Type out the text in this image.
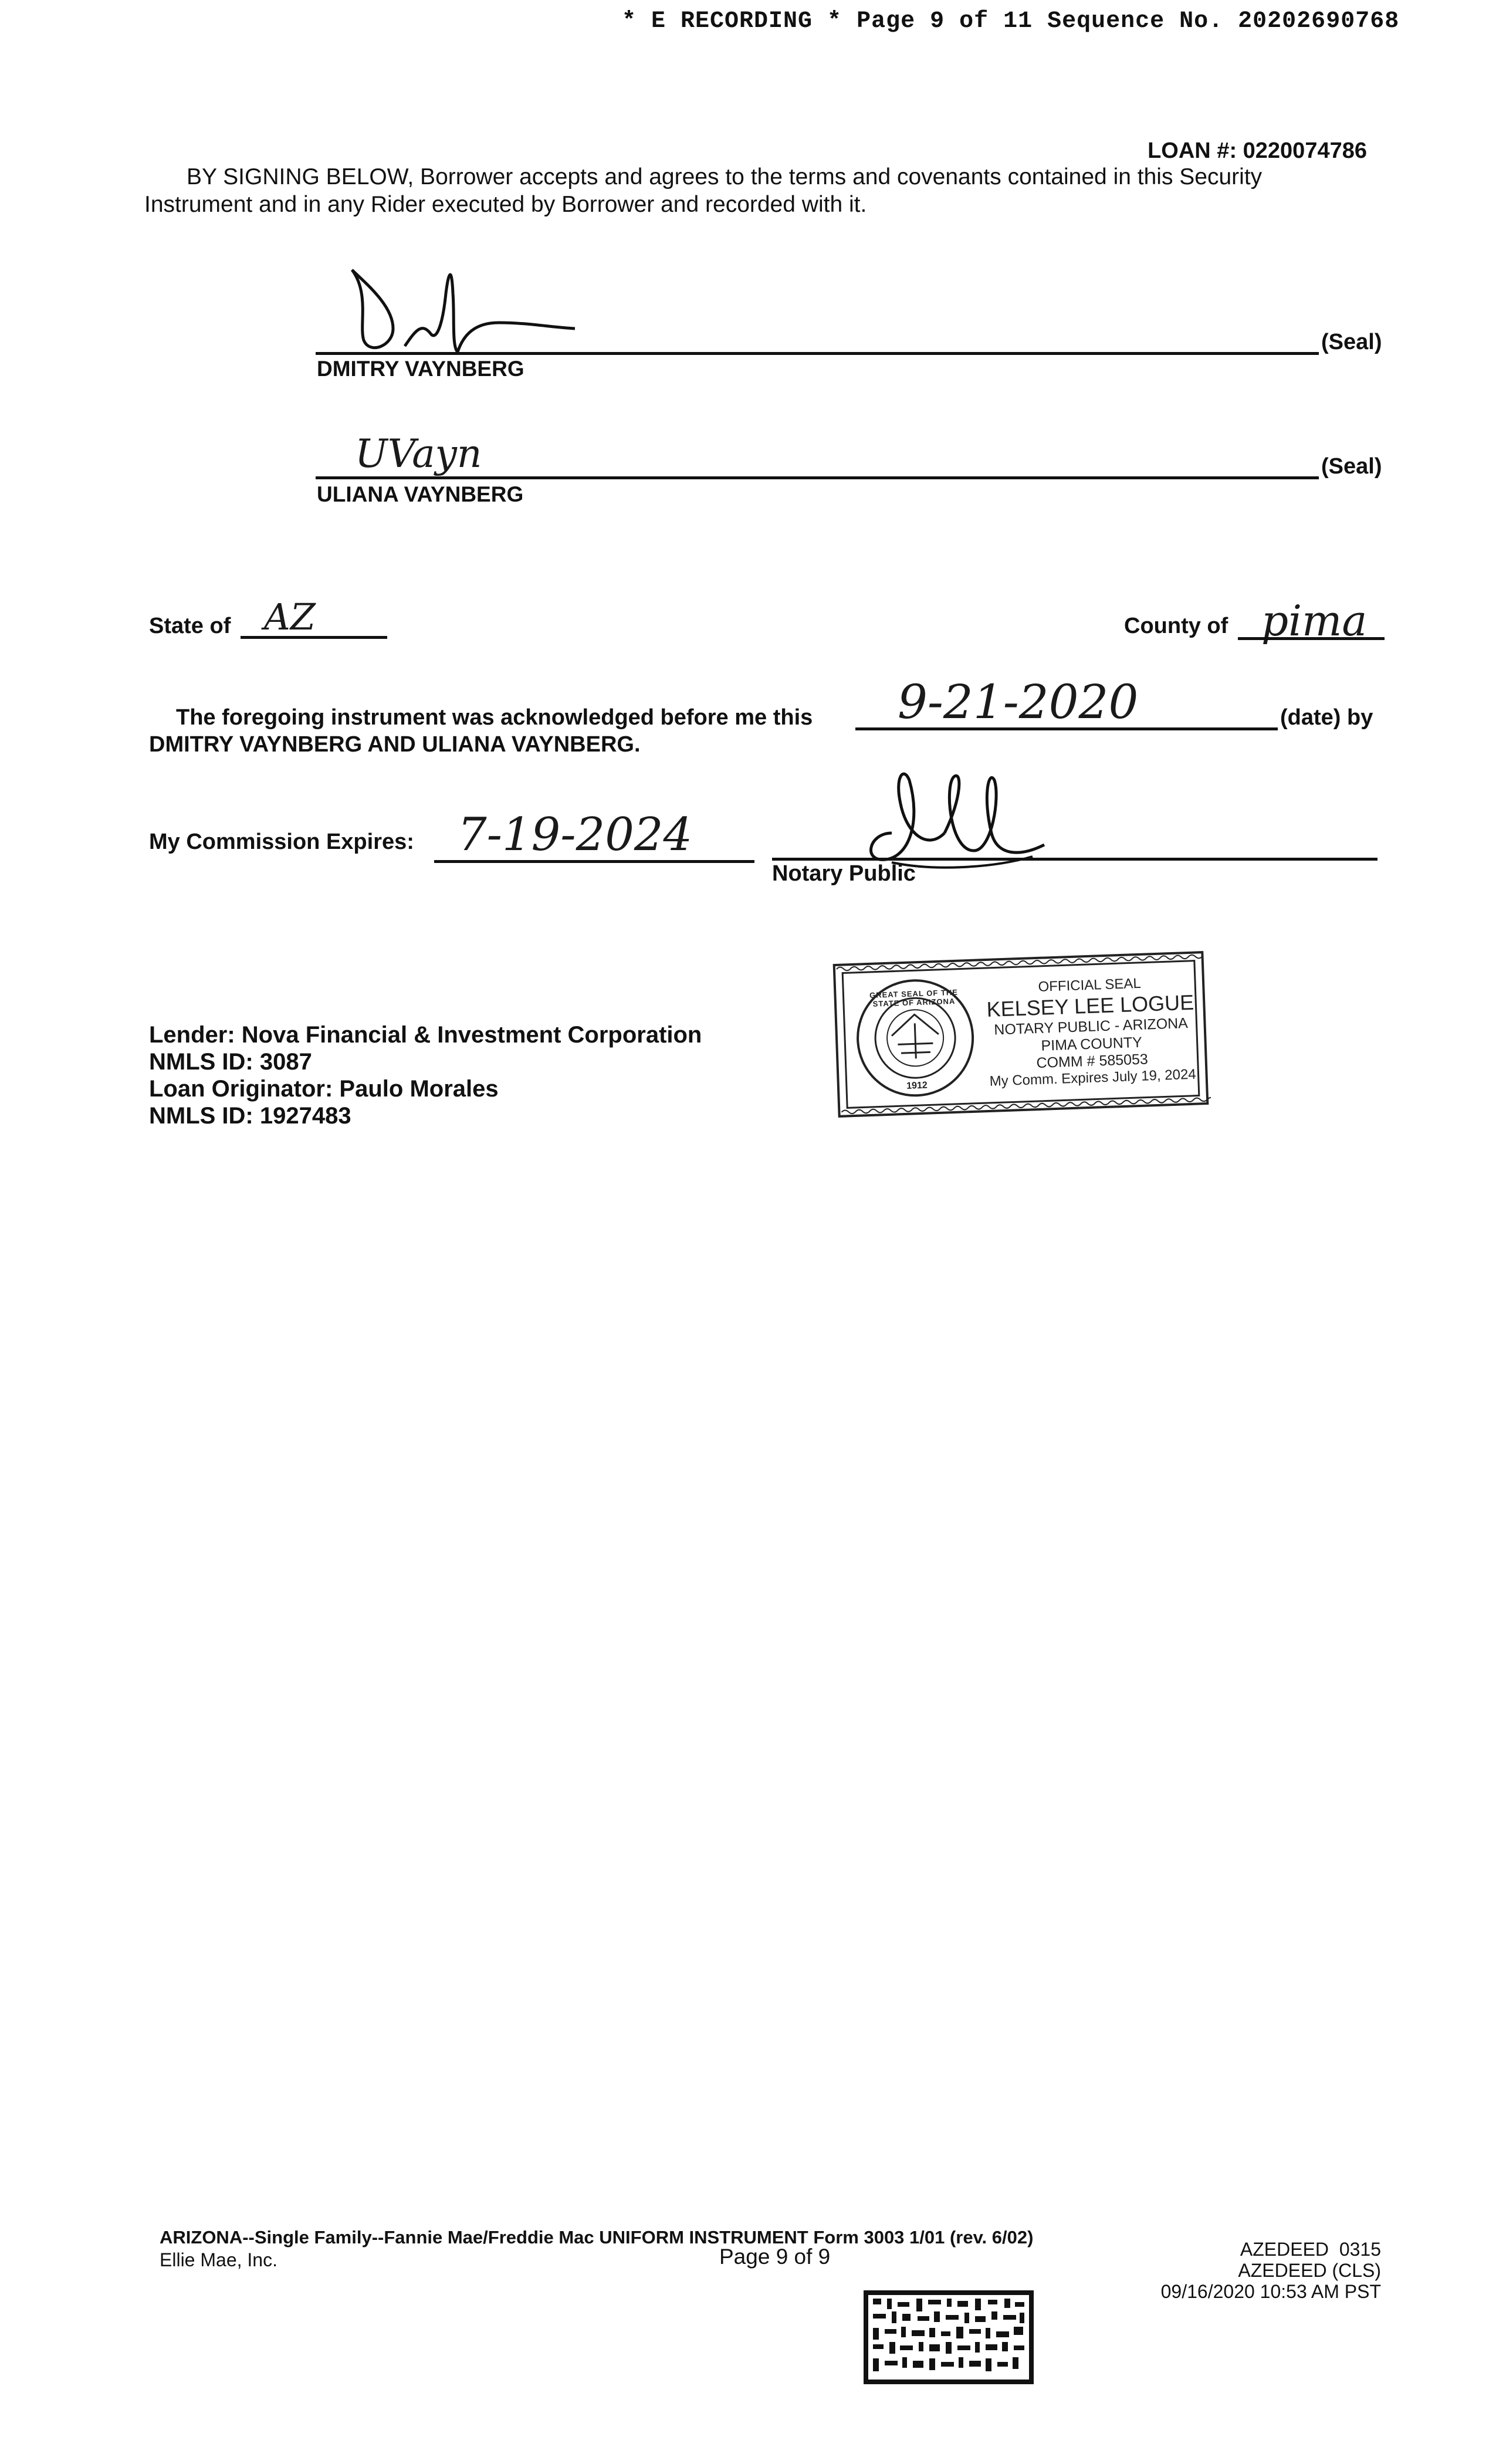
* E RECORDING * Page 9 of 11 Sequence No. 20202690768
LOAN #: 0220074786
BY SIGNING BELOW, Borrower accepts and agrees to the terms and covenants contained in this Security
Instrument and in any Rider executed by Borrower and recorded with it.
DMITRY VAYNBERG
(Seal)
UVayn
ULIANA VAYNBERG
(Seal)
State of AZ	County of pima
The foregoing instrument was acknowledged before me this 9-21-2020	(date) by
DMITRY VAYNBERG AND ULIANA VAYNBERG.
My Commission Expires: 7-19-2024
Notary Public
Lender: Nova Financial & Investment Corporation
NMLS ID: 3087
Loan Originator: Paulo Morales
NMLS ID: 1927483
GREAT SEAL OF THE STATE OF ARIZONA
1912
OFFICIAL SEAL
KELSEY LEE LOGUE
NOTARY PUBLIC - ARIZONA
PIMA COUNTY
COMM # 585053
My Comm. Expires July 19, 2024
ARIZONA--Single Family--Fannie Mae/Freddie Mac UNIFORM INSTRUMENT Form 3003 1/01 (rev. 6/02)
Ellie Mae, Inc.	Page 9 of 9	AZEDEED  0315
AZEDEED (CLS)
09/16/2020 10:53 AM PST
